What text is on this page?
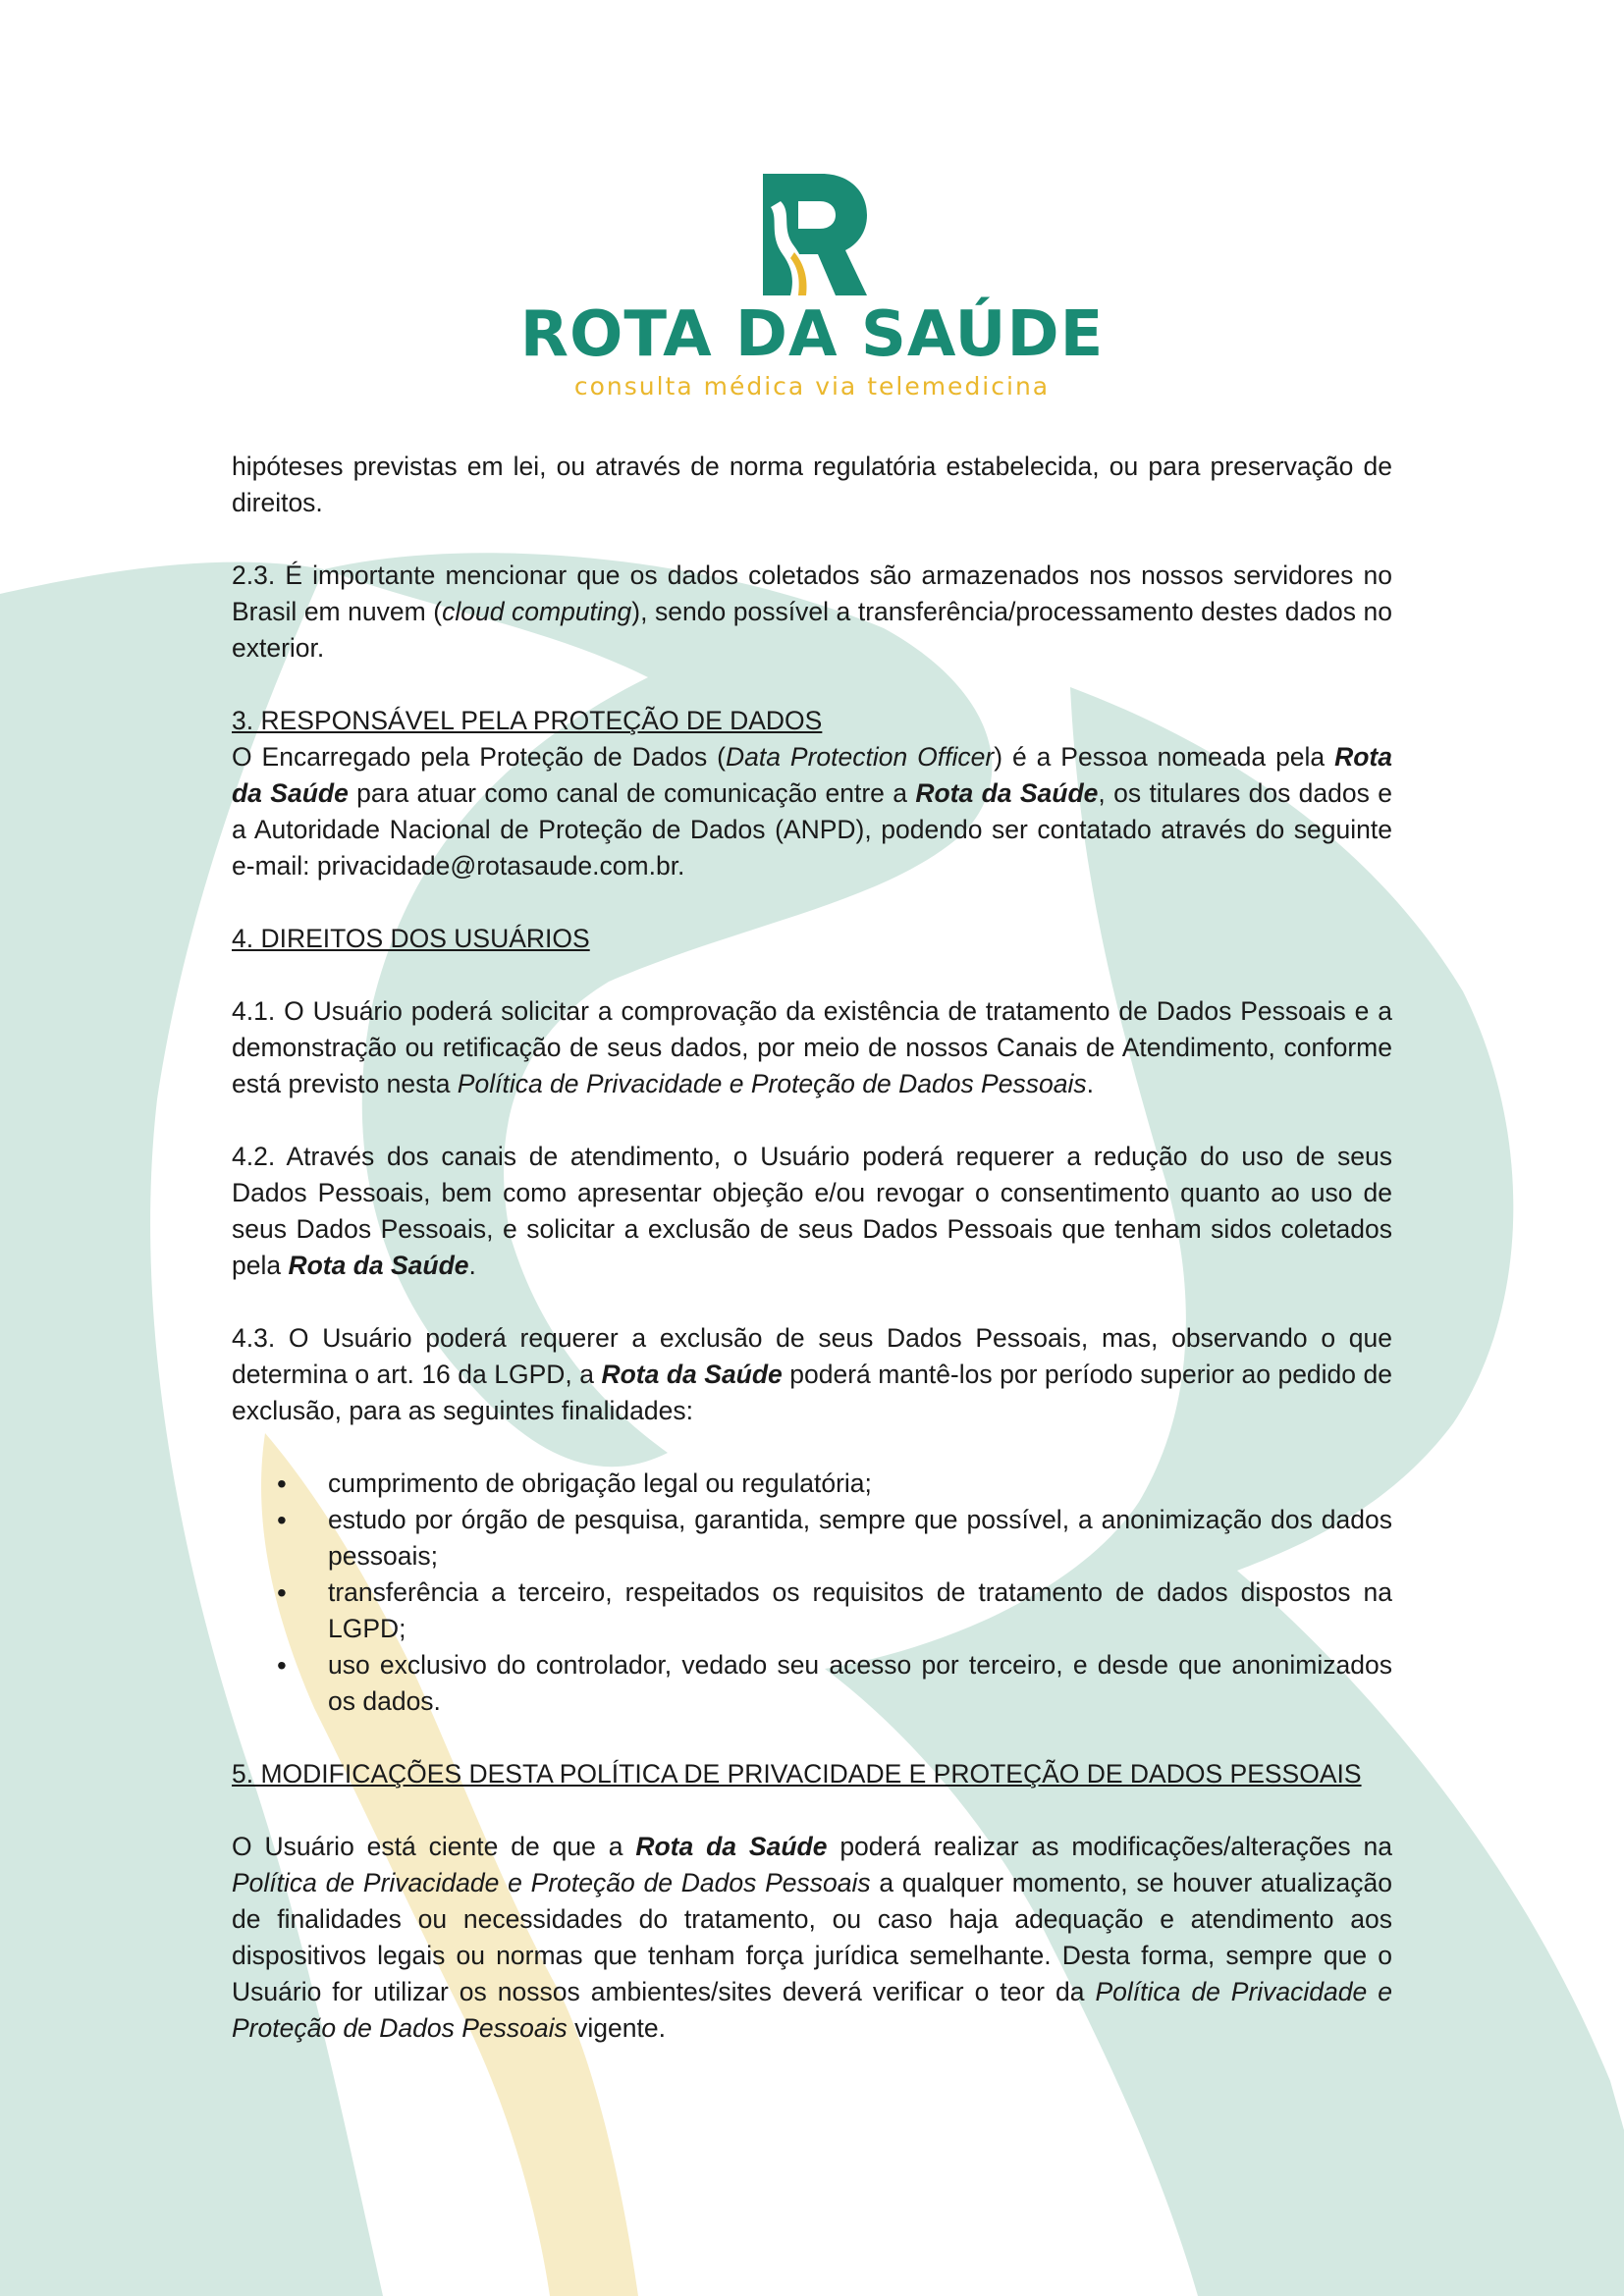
ROTA DA SAÚDE
consulta médica via telemedicina

hipóteses previstas em lei, ou através de norma regulatória estabelecida, ou para preservação de direitos.

2.3. É importante mencionar que os dados coletados são armazenados nos nossos servidores no Brasil em nuvem (cloud computing), sendo possível a transferência/processamento destes dados no exterior.

3. RESPONSÁVEL PELA PROTEÇÃO DE DADOS

O Encarregado pela Proteção de Dados (Data Protection Officer) é a Pessoa nomeada pela Rota da Saúde para atuar como canal de comunicação entre a Rota da Saúde, os titulares dos dados e a Autoridade Nacional de Proteção de Dados (ANPD), podendo ser contatado através do seguinte e-mail: privacidade@rotasaude.com.br.

4. DIREITOS DOS USUÁRIOS

4.1. O Usuário poderá solicitar a comprovação da existência de tratamento de Dados Pessoais e a demonstração ou retificação de seus dados, por meio de nossos Canais de Atendimento, conforme está previsto nesta Política de Privacidade e Proteção de Dados Pessoais.

4.2. Através dos canais de atendimento, o Usuário poderá requerer a redução do uso de seus Dados Pessoais, bem como apresentar objeção e/ou revogar o consentimento quanto ao uso de seus Dados Pessoais, e solicitar a exclusão de seus Dados Pessoais que tenham sidos coletados pela Rota da Saúde.

4.3. O Usuário poderá requerer a exclusão de seus Dados Pessoais, mas, observando o que determina o art. 16 da LGPD, a Rota da Saúde poderá mantê-los por período superior ao pedido de exclusão, para as seguintes finalidades:

• cumprimento de obrigação legal ou regulatória;
• estudo por órgão de pesquisa, garantida, sempre que possível, a anonimização dos dados pessoais;
• transferência a terceiro, respeitados os requisitos de tratamento de dados dispostos na LGPD;
• uso exclusivo do controlador, vedado seu acesso por terceiro, e desde que anonimizados os dados.

5. MODIFICAÇÕES DESTA POLÍTICA DE PRIVACIDADE E PROTEÇÃO DE DADOS PESSOAIS

O Usuário está ciente de que a Rota da Saúde poderá realizar as modificações/alterações na Política de Privacidade e Proteção de Dados Pessoais a qualquer momento, se houver atualização de finalidades ou necessidades do tratamento, ou caso haja adequação e atendimento aos dispositivos legais ou normas que tenham força jurídica semelhante. Desta forma, sempre que o Usuário for utilizar os nossos ambientes/sites deverá verificar o teor da Política de Privacidade e Proteção de Dados Pessoais vigente.
